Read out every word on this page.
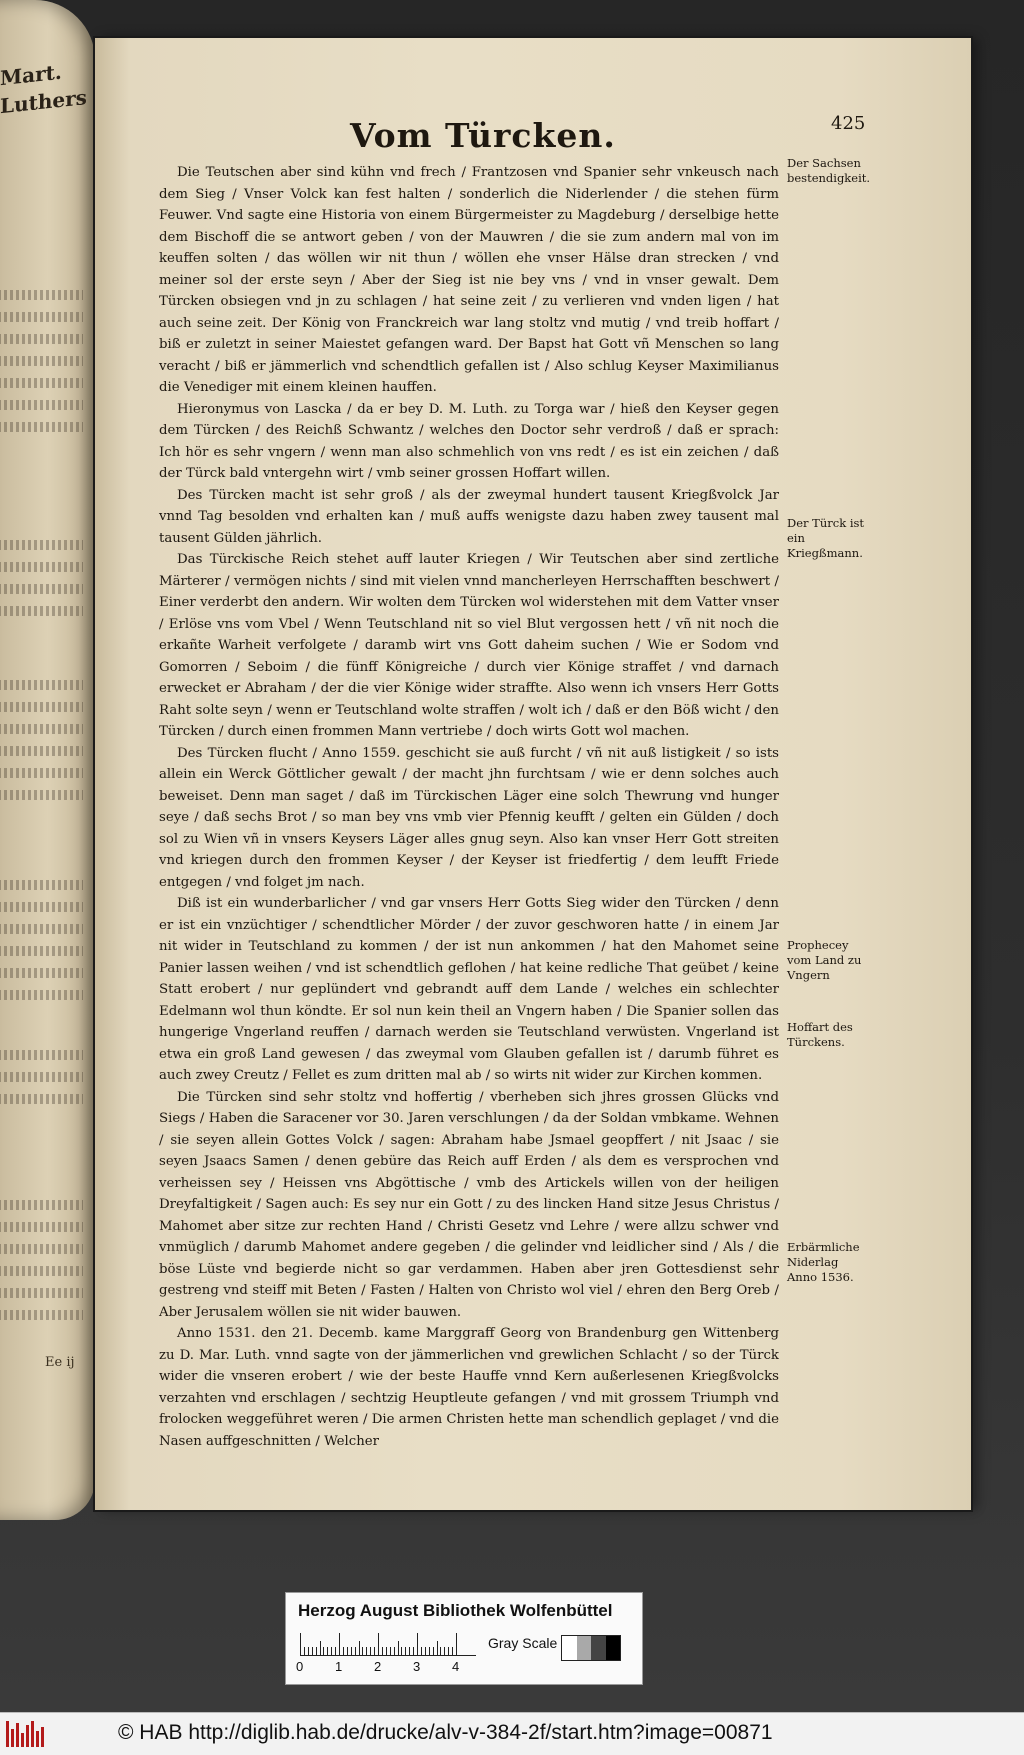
Mart. Luthers
Ee ij
Vom Türcken.	425

Die Teutschen aber sind kühn vnd frech / Frantzosen vnd Spanier sehr vnkeusch nach dem Sieg / Vnser Volck kan fest halten / sonderlich die Niderlender / die stehen fürm Feuwer. Vnd sagte eine Historia von einem Bürgermeister zu Magdeburg / derselbige hette dem Bischoff die se antwort geben / von der Mauwren / die sie zum andern mal von im keuffen solten / das wöllen wir nit thun / wöllen ehe vnser Hälse dran strecken / vnd meiner sol der erste seyn / Aber der Sieg ist nie bey vns / vnd in vnser gewalt. Dem Türcken obsiegen vnd jn zu schlagen / hat seine zeit / zu verlieren vnd vnden ligen / hat auch seine zeit. Der König von Franckreich war lang stoltz vnd mutig / vnd treib hoffart / biß er zuletzt in seiner Maiestet gefangen ward. Der Bapst hat Gott vñ Menschen so lang veracht / biß er jämmerlich vnd schendtlich gefallen ist / Also schlug Keyser Maximilianus die Venediger mit einem kleinen hauffen.

Hieronymus von Lascka / da er bey D. M. Luth. zu Torga war / hieß den Keyser gegen dem Türcken / des Reichß Schwantz / welches den Doctor sehr verdroß / daß er sprach: Ich hör es sehr vngern / wenn man also schmehlich von vns redt / es ist ein zeichen / daß der Türck bald vntergehn wirt / vmb seiner grossen Hoffart willen.

Des Türcken macht ist sehr groß / als der zweymal hundert tausent Kriegßvolck Jar vnnd Tag besolden vnd erhalten kan / muß auffs wenigste dazu haben zwey tausent mal tausent Gülden jährlich.

Das Türckische Reich stehet auff lauter Kriegen / Wir Teutschen aber sind zertliche Märterer / vermögen nichts / sind mit vielen vnnd mancherleyen Herrschafften beschwert / Einer verderbt den andern. Wir wolten dem Türcken wol widerstehen mit dem Vatter vnser / Erlöse vns vom Vbel / Wenn Teutschland nit so viel Blut vergossen hett / vñ nit noch die erkañte Warheit verfolgete / daramb wirt vns Gott daheim suchen / Wie er Sodom vnd Gomorren / Seboim / die fünff Königreiche / durch vier Könige straffet / vnd darnach erwecket er Abraham / der die vier Könige wider straffte. Also wenn ich vnsers Herr Gotts Raht solte seyn / wenn er Teutschland wolte straffen / wolt ich / daß er den Böß wicht / den Türcken / durch einen frommen Mann vertriebe / doch wirts Gott wol machen.

Des Türcken flucht / Anno 1559. geschicht sie auß furcht / vñ nit auß listigkeit / so ists allein ein Werck Göttlicher gewalt / der macht jhn furchtsam / wie er denn solches auch beweiset. Denn man saget / daß im Türckischen Läger eine solch Thewrung vnd hunger seye / daß sechs Brot / so man bey vns vmb vier Pfennig keufft / gelten ein Gülden / doch sol zu Wien vñ in vnsers Keysers Läger alles gnug seyn. Also kan vnser Herr Gott streiten vnd kriegen durch den frommen Keyser / der Keyser ist friedfertig / dem leufft Friede entgegen / vnd folget jm nach.

Diß ist ein wunderbarlicher / vnd gar vnsers Herr Gotts Sieg wider den Türcken / denn er ist ein vnzüchtiger / schendtlicher Mörder / der zuvor geschworen hatte / in einem Jar nit wider in Teutschland zu kommen / der ist nun ankommen / hat den Mahomet seine Panier lassen weihen / vnd ist schendtlich geflohen / hat keine redliche That geübet / keine Statt erobert / nur geplündert vnd gebrandt auff dem Lande / welches ein schlechter Edelmann wol thun köndte. Er sol nun kein theil an Vngern haben / Die Spanier sollen das hungerige Vngerland reuffen / darnach werden sie Teutschland verwüsten. Vngerland ist etwa ein groß Land gewesen / das zweymal vom Glauben gefallen ist / darumb führet es auch zwey Creutz / Fellet es zum dritten mal ab / so wirts nit wider zur Kirchen kommen.

Die Türcken sind sehr stoltz vnd hoffertig / vberheben sich jhres grossen Glücks vnd Siegs / Haben die Saracener vor 30. Jaren verschlungen / da der Soldan vmbkame. Wehnen / sie seyen allein Gottes Volck / sagen: Abraham habe Jsmael geopffert / nit Jsaac / sie seyen Jsaacs Samen / denen gebüre das Reich auff Erden / als dem es versprochen vnd verheissen sey / Heissen vns Abgöttische / vmb des Artickels willen von der heiligen Dreyfaltigkeit / Sagen auch: Es sey nur ein Gott / zu des lincken Hand sitze Jesus Christus / Mahomet aber sitze zur rechten Hand / Christi Gesetz vnd Lehre / were allzu schwer vnd vnmüglich / darumb Mahomet andere gegeben / die gelinder vnd leidlicher sind / Als / die böse Lüste vnd begierde nicht so gar verdammen. Haben aber jren Gottesdienst sehr gestreng vnd steiff mit Beten / Fasten / Halten von Christo wol viel / ehren den Berg Oreb / Aber Jerusalem wöllen sie nit wider bauwen.

Anno 1531. den 21. Decemb. kame Marggraff Georg von Brandenburg gen Wittenberg zu D. Mar. Luth. vnnd sagte von der jämmerlichen vnd grewlichen Schlacht / so der Türck wider die vnseren erobert / wie der beste Hauffe vnnd Kern außerlesenen Kriegßvolcks verzahten vnd erschlagen / sechtzig Heuptleute gefangen / vnd mit grossem Triumph vnd frolocken weggeführet weren / Die armen Christen hette man schendlich geplaget / vnd die Nasen auffgeschnitten / Welcher

Der Sachsen bestendigkeit.
Der Türck ist ein Kriegßmann.
Prophecey vom Land zu Vngern
Hoffart des Türckens.
Erbärmliche Niderlag Anno 1536.
Herzog August Bibliothek Wolfenbüttel
0 1 2 3 4
Gray Scale
© HAB http://diglib.hab.de/drucke/alv-v-384-2f/start.htm?image=00871
